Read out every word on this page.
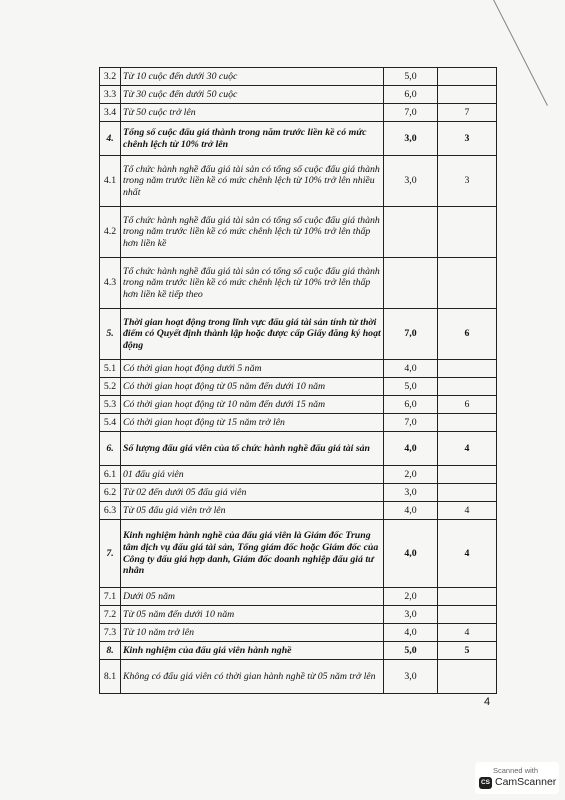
3.2	Từ 10 cuộc đến dưới 30 cuộc	5,0	
3.3	Từ 30 cuộc đến dưới 50 cuộc	6,0	
3.4	Từ 50 cuộc trở lên	7,0	7
4.	Tổng số cuộc đấu giá thành trong năm trước liền kề có mức chênh lệch từ 10% trở lên	3,0	3
4.1	Tổ chức hành nghề đấu giá tài sản có tổng số cuộc đấu giá thành trong năm trước liền kề có mức chênh lệch từ 10% trở lên nhiều nhất	3,0	3
4.2	Tổ chức hành nghề đấu giá tài sản có tổng số cuộc đấu giá thành trong năm trước liền kề có mức chênh lệch từ 10% trở lên thấp hơn liền kề		
4.3	Tổ chức hành nghề đấu giá tài sản có tổng số cuộc đấu giá thành trong năm trước liền kề có mức chênh lệch từ 10% trở lên thấp hơn liền kề tiếp theo		
5.	Thời gian hoạt động trong lĩnh vực đấu giá tài sản tính từ thời điểm có Quyết định thành lập hoặc được cấp Giấy đăng ký hoạt động	7,0	6
5.1	Có thời gian hoạt động dưới 5 năm	4,0	
5.2	Có thời gian hoạt động từ 05 năm đến dưới 10 năm	5,0	
5.3	Có thời gian hoạt động từ 10 năm đến dưới 15 năm	6,0	6
5.4	Có thời gian hoạt động từ 15 năm trở lên	7,0	
6.	Số lượng đấu giá viên của tổ chức hành nghề đấu giá tài sản	4,0	4
6.1	01 đấu giá viên	2,0	
6.2	Từ 02 đến dưới 05 đấu giá viên	3,0	
6.3	Từ 05 đấu giá viên trở lên	4,0	4
7.	Kinh nghiệm hành nghề của đấu giá viên là Giám đốc Trung tâm dịch vụ đấu giá tài sản, Tổng giám đốc hoặc Giám đốc của Công ty đấu giá hợp danh, Giám đốc doanh nghiệp đấu giá tư nhân	4,0	4
7.1	Dưới 05 năm	2,0	
7.2	Từ 05 năm đến dưới 10 năm	3,0	
7.3	Từ 10 năm trở lên	4,0	4
8.	Kinh nghiệm của đấu giá viên hành nghề	5,0	5
8.1	Không có đấu giá viên có thời gian hành nghề từ 05 năm trở lên	3,0	
4
Scanned with
CS CamScanner
